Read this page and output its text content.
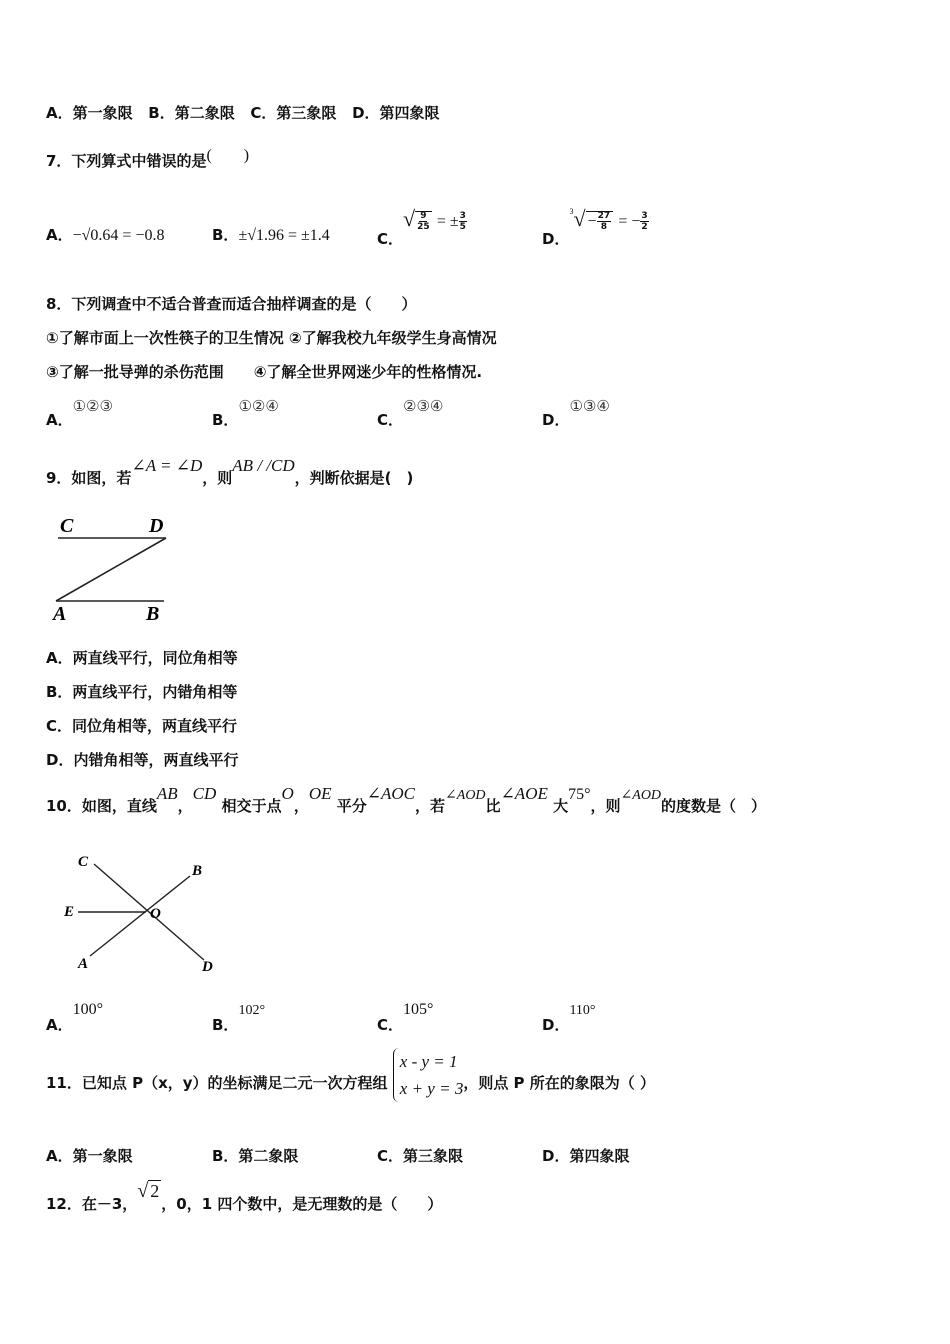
A．第一象限 B．第二象限 C．第三象限 D．第四象限
7．下列算式中错误的是(　　)
A．−√0.64 = −0.8	B．±√1.96 = ±1.4	C．√ $\frac{9}{25}$ = ± $\frac{3}{5}$
D．$^3√ - \frac{27}{8}$ = − $\frac{3}{2}$
8．下列调查中不适合普查而适合抽样调查的是（　　）
①了解市面上一次性筷子的卫生情况 ②了解我校九年级学生身高情况
③了解一批导弹的杀伤范围　　④了解全世界网迷少年的性格情况.
A．①②③
B．①②④
C．②③④
D．①③④
9．如图，若∠A = ∠D，则AB / /CD，判断依据是(　)
C	D
A	B
A．两直线平行，同位角相等
B．两直线平行，内错角相等
C．同位角相等，两直线平行
D．内错角相等，两直线平行
10．如图，直线AB，CD 相交于点O，OE 平分∠AOC，若∠AOD比∠AOE 大75°，则∠AOD的度数是（　）
C
B
E	O
A	D
A．100°
B．102°
C．105°
D．110°
11．已知点 P（x，y）的坐标满足二元一次方程组
x - y = 1
x + y = 3 ，则点 P 所在的象限为（ ）
A．第一象限	B．第二象限	C．第三象限	D．第四象限
12．在－3，√ 2，0，1 四个数中，是无理数的是（　　）
